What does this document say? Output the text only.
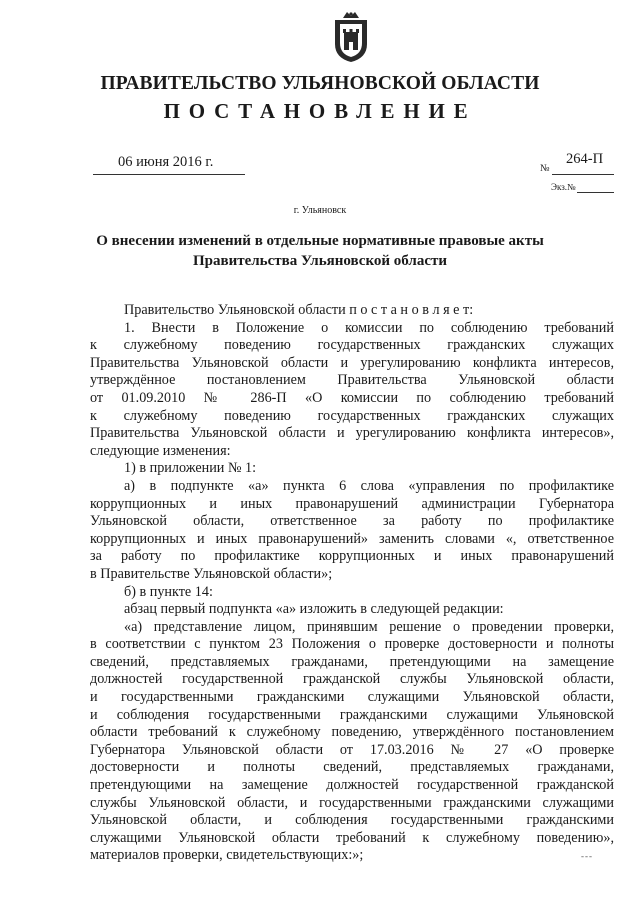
ПРАВИТЕЛЬСТВО УЛЬЯНОВСКОЙ ОБЛАСТИ
ПОСТАНОВЛЕНИЕ
06 июня 2016 г.	№
264-П
Экз.№
г. Ульяновск
О внесении изменений в отдельные нормативные правовые акты
Правительства Ульяновской области
Правительство Ульяновской области п о с т а н о в л я е т:
1. Внести в Положение о комиссии по соблюдению требований
к служебному поведению государственных гражданских служащих
Правительства Ульяновской области и урегулированию конфликта интересов,
утверждённое постановлением Правительства Ульяновской области
от 01.09.2010 № 286-П «О комиссии по соблюдению требований
к служебному поведению государственных гражданских служащих
Правительства Ульяновской области и урегулированию конфликта интересов»,
следующие изменения:
1) в приложении № 1:
а) в подпункте «а» пункта 6 слова «управления по профилактике
коррупционных и иных правонарушений администрации Губернатора
Ульяновской области, ответственное за работу по профилактике
коррупционных и иных правонарушений» заменить словами «, ответственное
за работу по профилактике коррупционных и иных правонарушений
в Правительстве Ульяновской области»;
б) в пункте 14:
абзац первый подпункта «а» изложить в следующей редакции:
«а) представление лицом, принявшим решение о проведении проверки,
в соответствии с пунктом 23 Положения о проверке достоверности и полноты
сведений, представляемых гражданами, претендующими на замещение
должностей государственной гражданской службы Ульяновской области,
и государственными гражданскими служащими Ульяновской области,
и соблюдения государственными гражданскими служащими Ульяновской
области требований к служебному поведению, утверждённого постановлением
Губернатора Ульяновской области от 17.03.2016 № 27 «О проверке
достоверности и полноты сведений, представляемых гражданами,
претендующими на замещение должностей государственной гражданской
службы Ульяновской области, и государственными гражданскими служащими
Ульяновской области, и соблюдения государственными гражданскими
служащими Ульяновской области требований к служебному поведению»,
материалов проверки, свидетельствующих:»;	---
